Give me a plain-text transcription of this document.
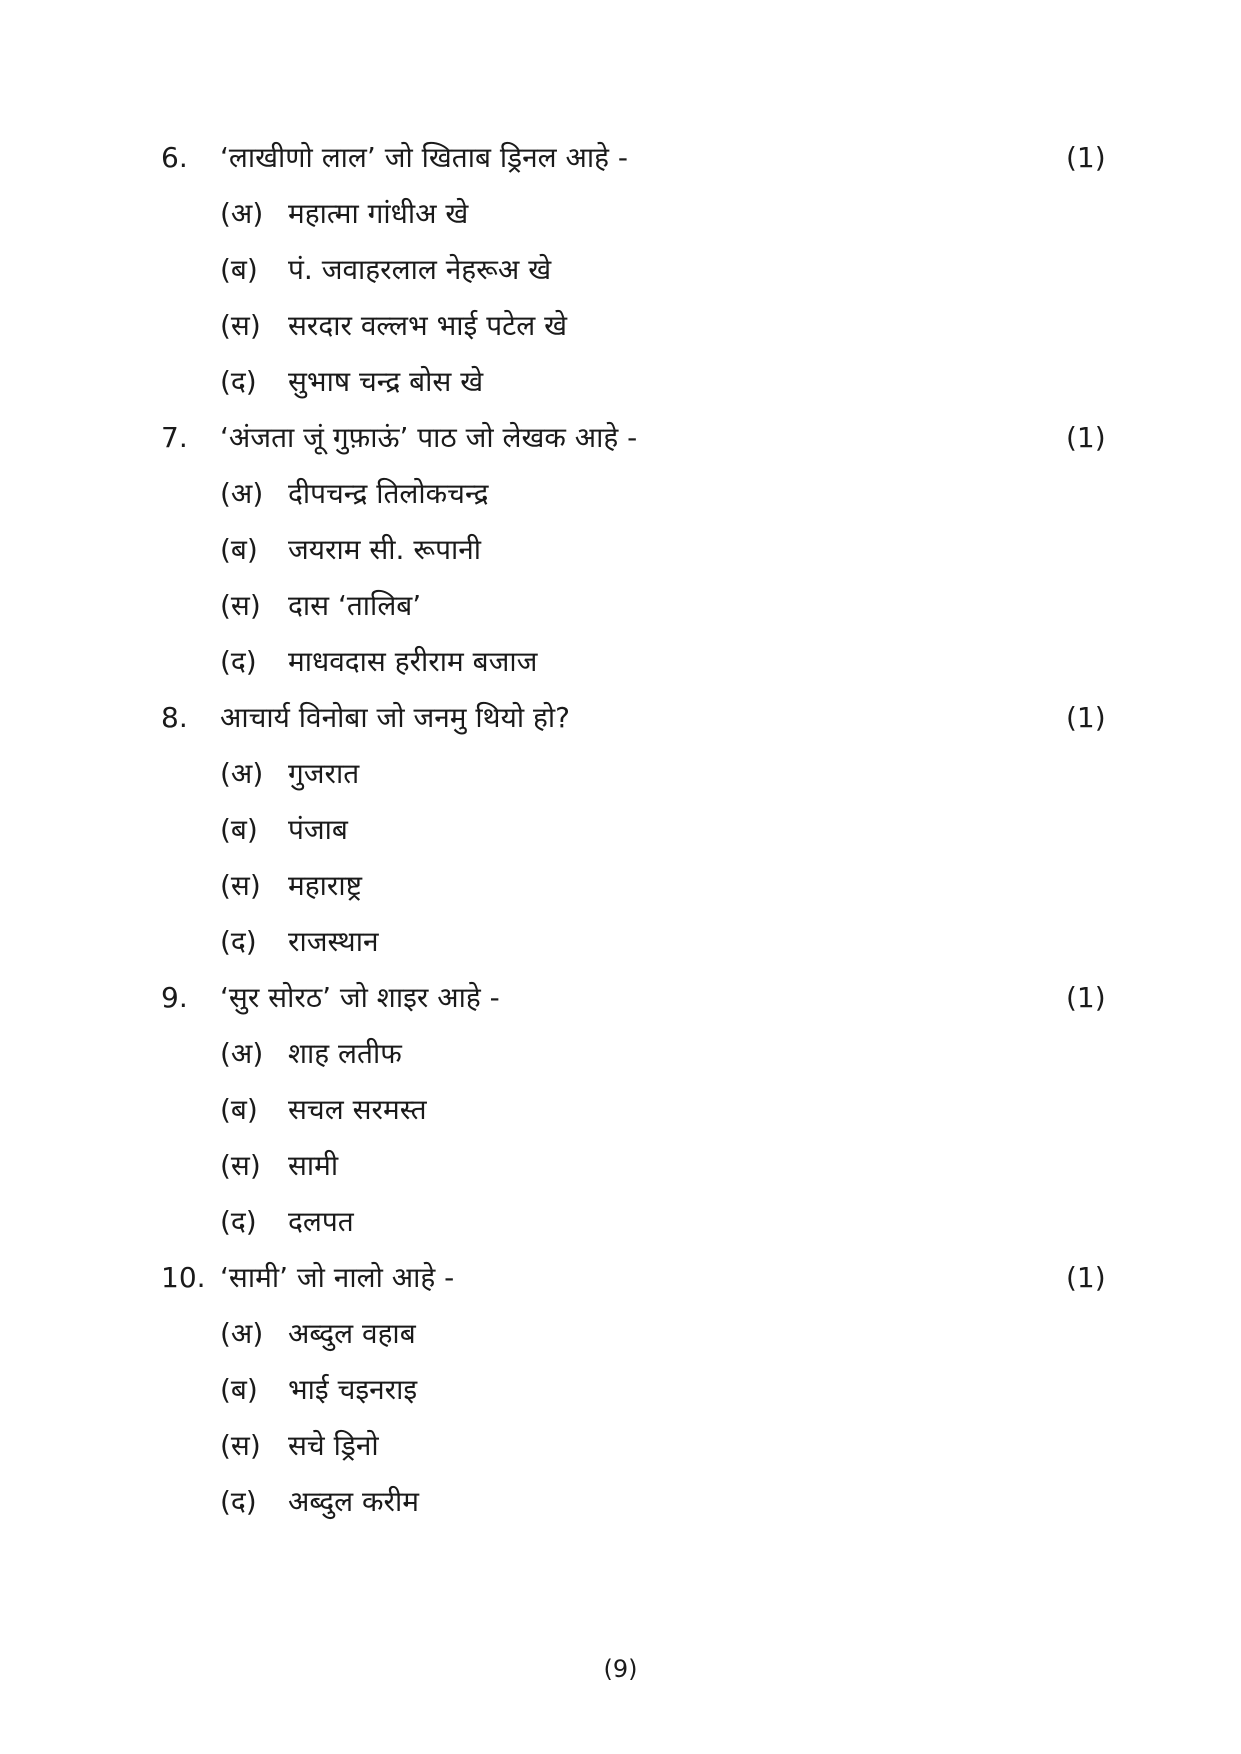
6. ‘लाखीणो लाल’ जो खिताब ड्रिनल आहे -	(1)
(अ) महात्मा गांधीअ खे
(ब) पं. जवाहरलाल नेहरूअ खे
(स) सरदार वल्लभ भाई पटेल खे
(द) सुभाष चन्द्र बोस खे
7. ‘अंजता जूं गुफ़ाऊं’ पाठ जो लेखक आहे -	(1)
(अ) दीपचन्द्र तिलोकचन्द्र
(ब) जयराम सी. रूपानी
(स) दास ‘तालिब’
(द) माधवदास हरीराम बजाज
8. आचार्य विनोबा जो जनमु थियो हो?	(1)
(अ) गुजरात
(ब) पंजाब
(स) महाराष्ट्र
(द) राजस्थान
9. ‘सुर सोरठ’ जो शाइर आहे -	(1)
(अ) शाह लतीफ
(ब) सचल सरमस्त
(स) सामी
(द) दलपत
10. ‘सामी’ जो नालो आहे -	(1)
(अ) अब्दुल वहाब
(ब) भाई चइनराइ
(स) सचे ड्रिनो
(द) अब्दुल करीम
(9)
